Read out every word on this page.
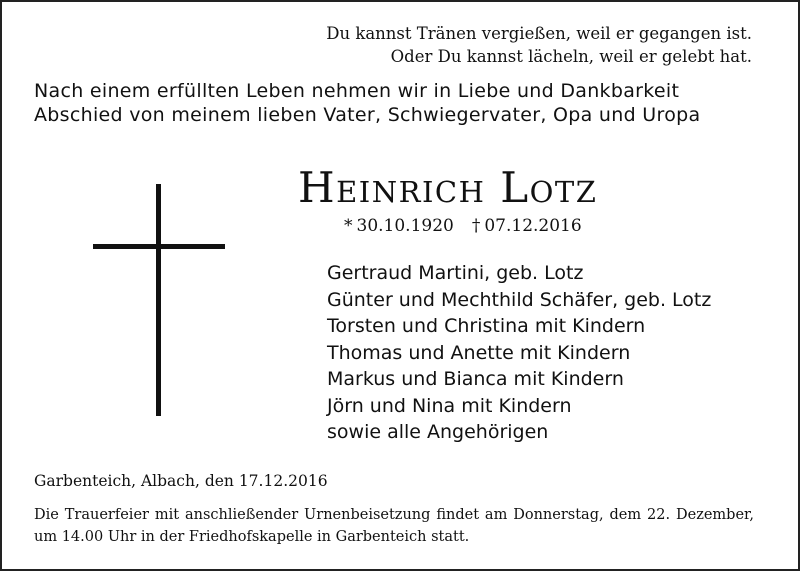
Du kannst Tränen vergießen, weil er gegangen ist.
Oder Du kannst lächeln, weil er gelebt hat.
Nach einem erfüllten Leben nehmen wir in Liebe und Dankbarkeit
Abschied von meinem lieben Vater, Schwiegervater, Opa und Uropa
Heinrich Lotz
* 30.10.1920 † 07.12.2016
Gertraud Martini, geb. Lotz
Günter und Mechthild Schäfer, geb. Lotz
Torsten und Christina mit Kindern
Thomas und Anette mit Kindern
Markus und Bianca mit Kindern
Jörn und Nina mit Kindern
sowie alle Angehörigen
Garbenteich, Albach, den 17.12.2016
Die Trauerfeier mit anschließender Urnenbeisetzung findet am Donnerstag, dem 22. Dezember, um 14.00 Uhr in der Friedhofskapelle in Garbenteich statt.
